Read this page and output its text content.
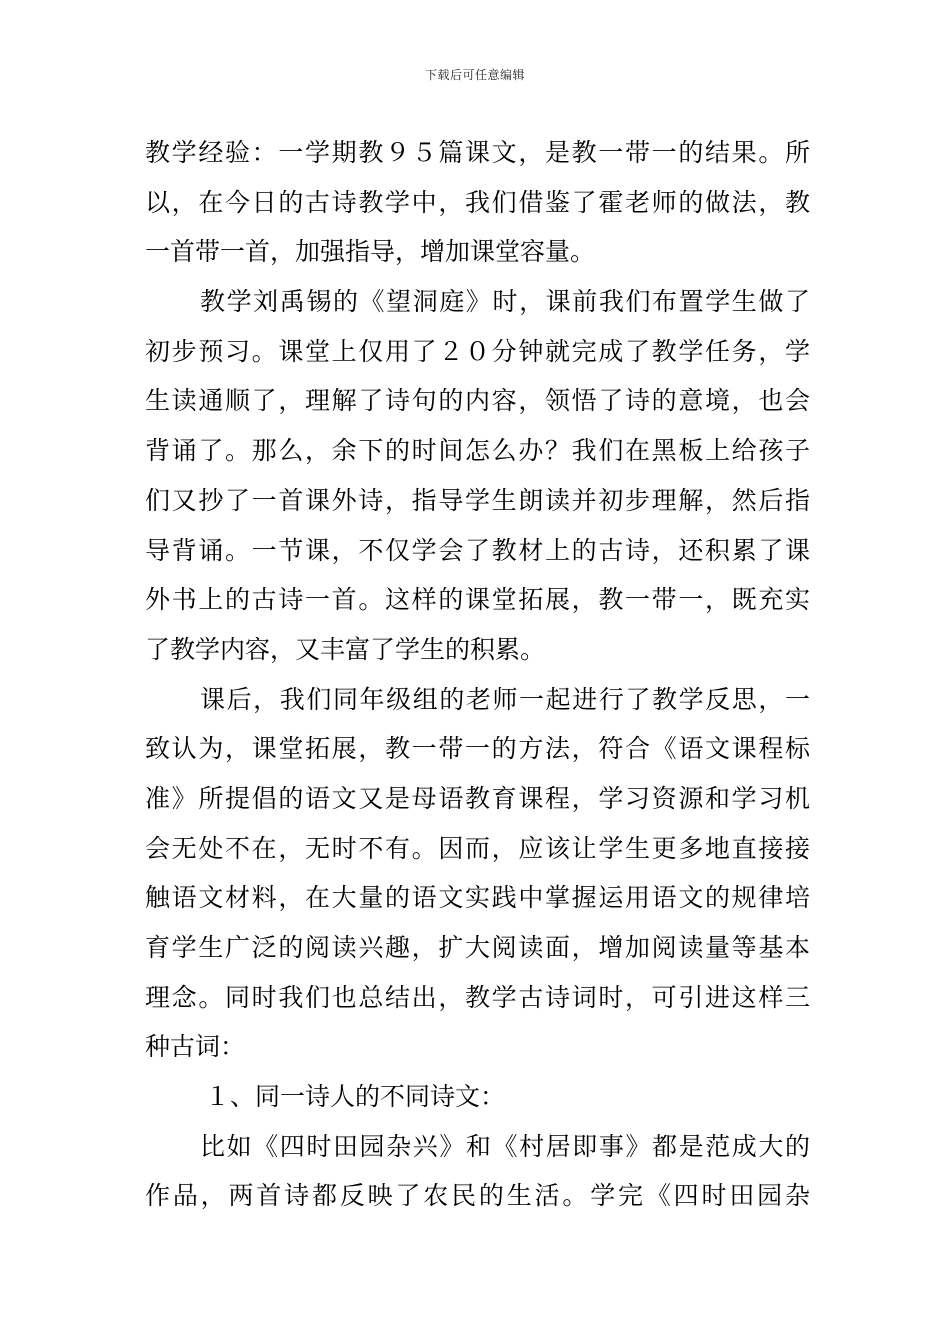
下载后可任意编辑
教学经验：一学期教９５篇课文，是教一带一的结果。所
以，在今日的古诗教学中，我们借鉴了霍老师的做法，教
一首带一首，加强指导，增加课堂容量。
教学刘禹锡的《望洞庭》时，课前我们布置学生做了
初步预习。课堂上仅用了２０分钟就完成了教学任务，学
生读通顺了，理解了诗句的内容，领悟了诗的意境，也会
背诵了。那么，余下的时间怎么办？我们在黑板上给孩子
们又抄了一首课外诗，指导学生朗读并初步理解，然后指
导背诵。一节课，不仅学会了教材上的古诗，还积累了课
外书上的古诗一首。这样的课堂拓展，教一带一，既充实
了教学内容，又丰富了学生的积累。
课后，我们同年级组的老师一起进行了教学反思，一
致认为，课堂拓展，教一带一的方法，符合《语文课程标
准》所提倡的语文又是母语教育课程，学习资源和学习机
会无处不在，无时不有。因而，应该让学生更多地直接接
触语文材料，在大量的语文实践中掌握运用语文的规律培
育学生广泛的阅读兴趣，扩大阅读面，增加阅读量等基本
理念。同时我们也总结出，教学古诗词时，可引进这样三
种古词：
１、同一诗人的不同诗文：
比如《四时田园杂兴》和《村居即事》都是范成大的
作品，两首诗都反映了农民的生活。学完《四时田园杂
